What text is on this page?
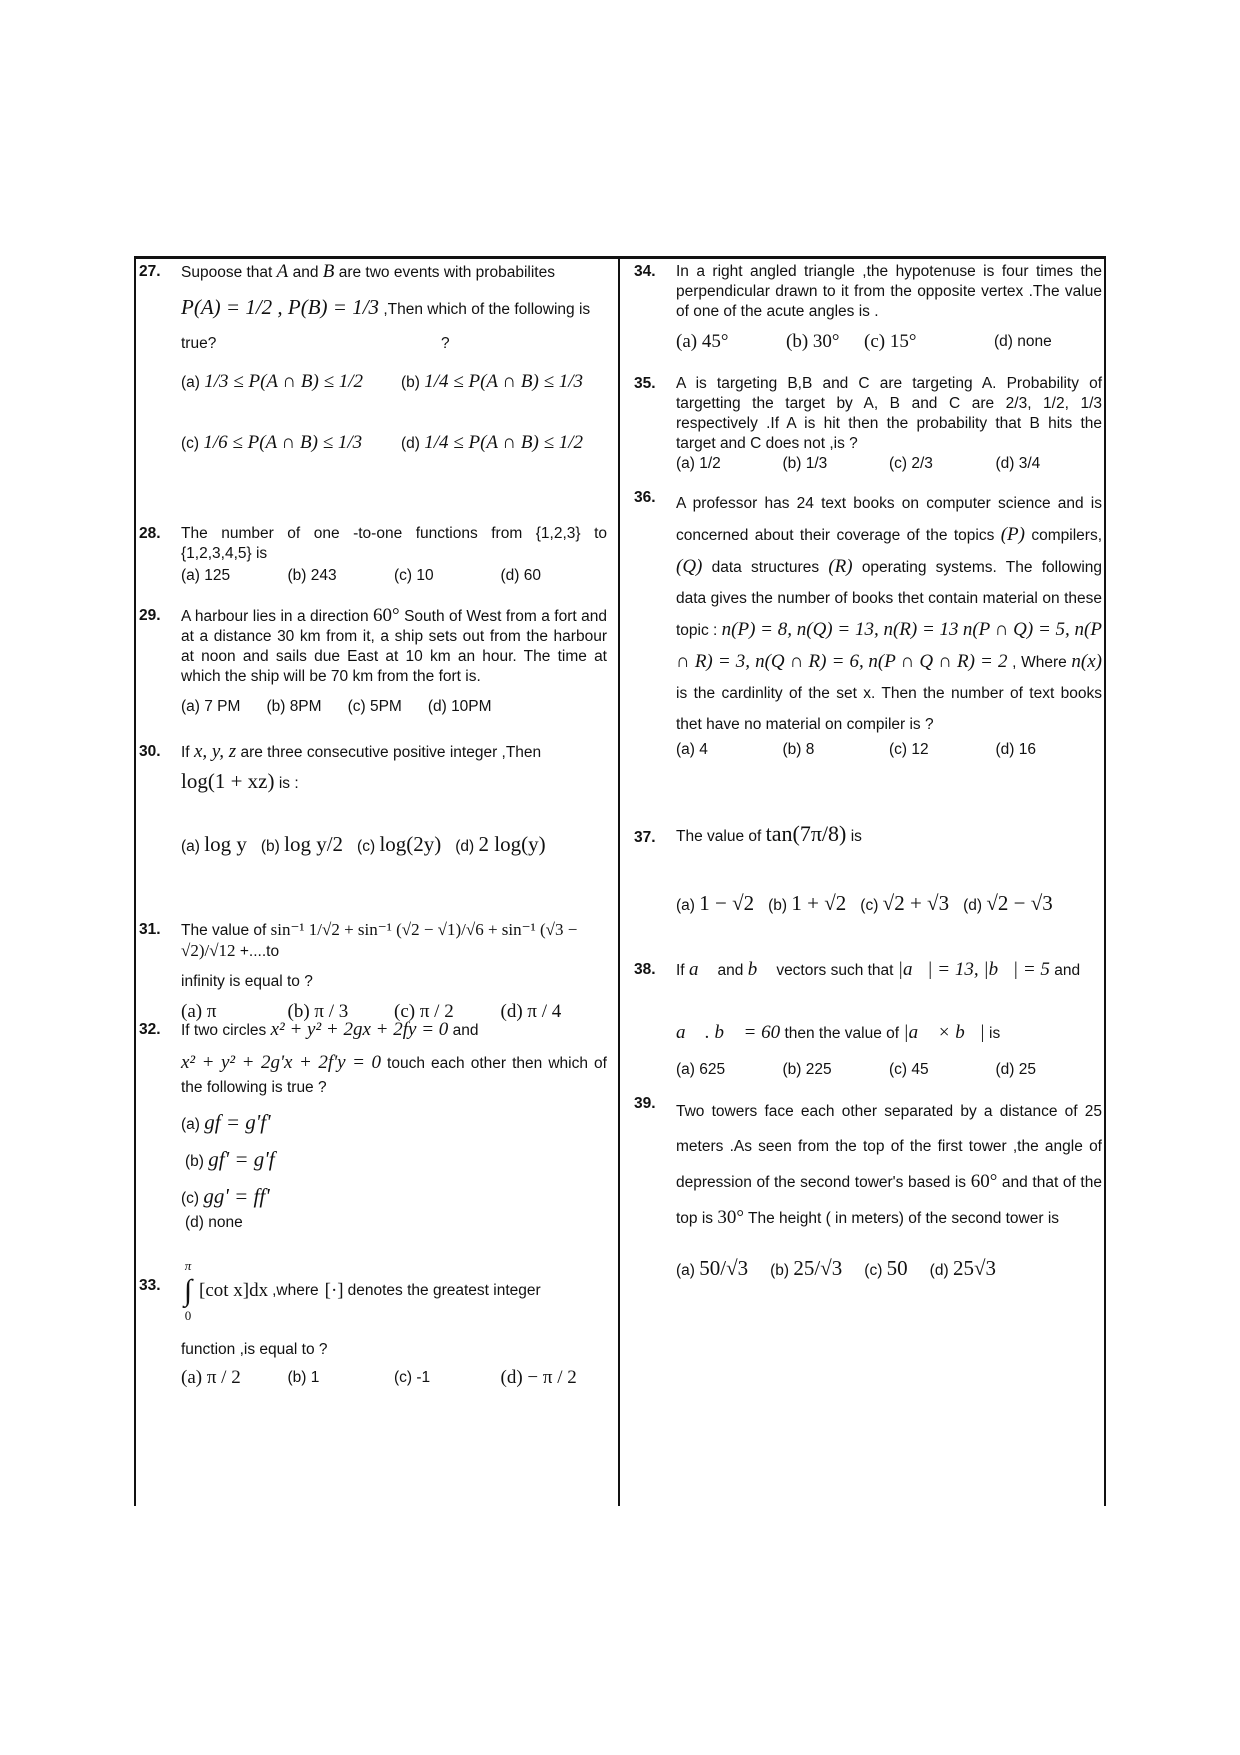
27. Supoose that A and B are two events with probabilites
P(A) = 1/2 , P(B) = 1/3 ,Then which of the following is
true?	?
(a) 1/3 ≤ P(A ∩ B) ≤ 1/2	(b) 1/4 ≤ P(A ∩ B) ≤ 1/3
(c) 1/6 ≤ P(A ∩ B) ≤ 1/3	(d) 1/4 ≤ P(A ∩ B) ≤ 1/2
28. The number of one -to-one functions from {1,2,3} to {1,2,3,4,5} is
(a) 125	(b) 243	(c) 10	(d) 60
29. A harbour lies in a direction 60° South of West from a fort and at a distance 30 km from it, a ship sets out from the harbour at noon and sails due East at 10 km an hour. The time at which the ship will be 70 km from the fort is.
(a) 7 PM (b) 8PM (c) 5PM (d) 10PM
30. If x, y, z are three consecutive positive integer ,Then
log(1 + xz) is :
(a) log y (b) log y/2 (c) log(2y) (d) 2 log(y)
31. The value of sin⁻¹ 1/√2 + sin⁻¹ (√2 − √1)/√6 + sin⁻¹ (√3 − √2)/√12 +....to
infinity is equal to ?
(a) π	(b) π / 3	(c) π / 2	(d) π / 4
32. If two circles x² + y² + 2gx + 2fy = 0 and
x² + y² + 2g'x + 2f'y = 0 touch each other then which of the following is true ?
(a) gf = g'f'
(b) gf' = g'f
(c) gg' = ff'
(d) none
33.
π
∫
0
[cot x]dx ,where [·] denotes the greatest integer
function ,is equal to ?
(a) π / 2	(b) 1	(c) -1	(d) − π / 2
34. In a right angled triangle ,the hypotenuse is four times the perpendicular drawn to it from the opposite vertex .The value of one of the acute angles is .
(a) 45°	(b) 30°	(c) 15°	(d) none
35. A is targeting B,B and C are targeting A. Probability of targetting the target by A, B and C are 2/3, 1/2, 1/3 respectively .If A is hit then the probability that B hits the target and C does not ,is ?
(a) 1/2	(b) 1/3	(c) 2/3	(d) 3/4
36. A professor has 24 text books on computer science and is concerned about their coverage of the topics (P) compilers, (Q) data structures (R) operating systems. The following data gives the number of books thet contain material on these topic : n(P) = 8, n(Q) = 13, n(R) = 13 n(P ∩ Q) = 5, n(P ∩ R) = 3, n(Q ∩ R) = 6, n(P ∩ Q ∩ R) = 2 , Where n(x) is the cardinlity of the set x. Then the number of text books thet have no material on compiler is ?
(a) 4	(b) 8	(c) 12	(d) 16
37. The value of tan(7π/8) is
(a) 1 − √2 (b) 1 + √2 (c) √2 + √3 (d) √2 − √3
38. If a⃗ and b⃗ vectors such that |a⃗| = 13, |b⃗| = 5 and
a⃗ . b⃗ = 60 then the value of |a⃗ × b⃗| is
(a) 625	(b) 225	(c) 45	(d) 25
39. Two towers face each other separated by a distance of 25 meters .As seen from the top of the first tower ,the angle of depression of the second tower's based is 60° and that of the top is 30° The height ( in meters) of the second tower is
(a) 50/√3 (b) 25/√3 (c) 50 (d) 25√3
